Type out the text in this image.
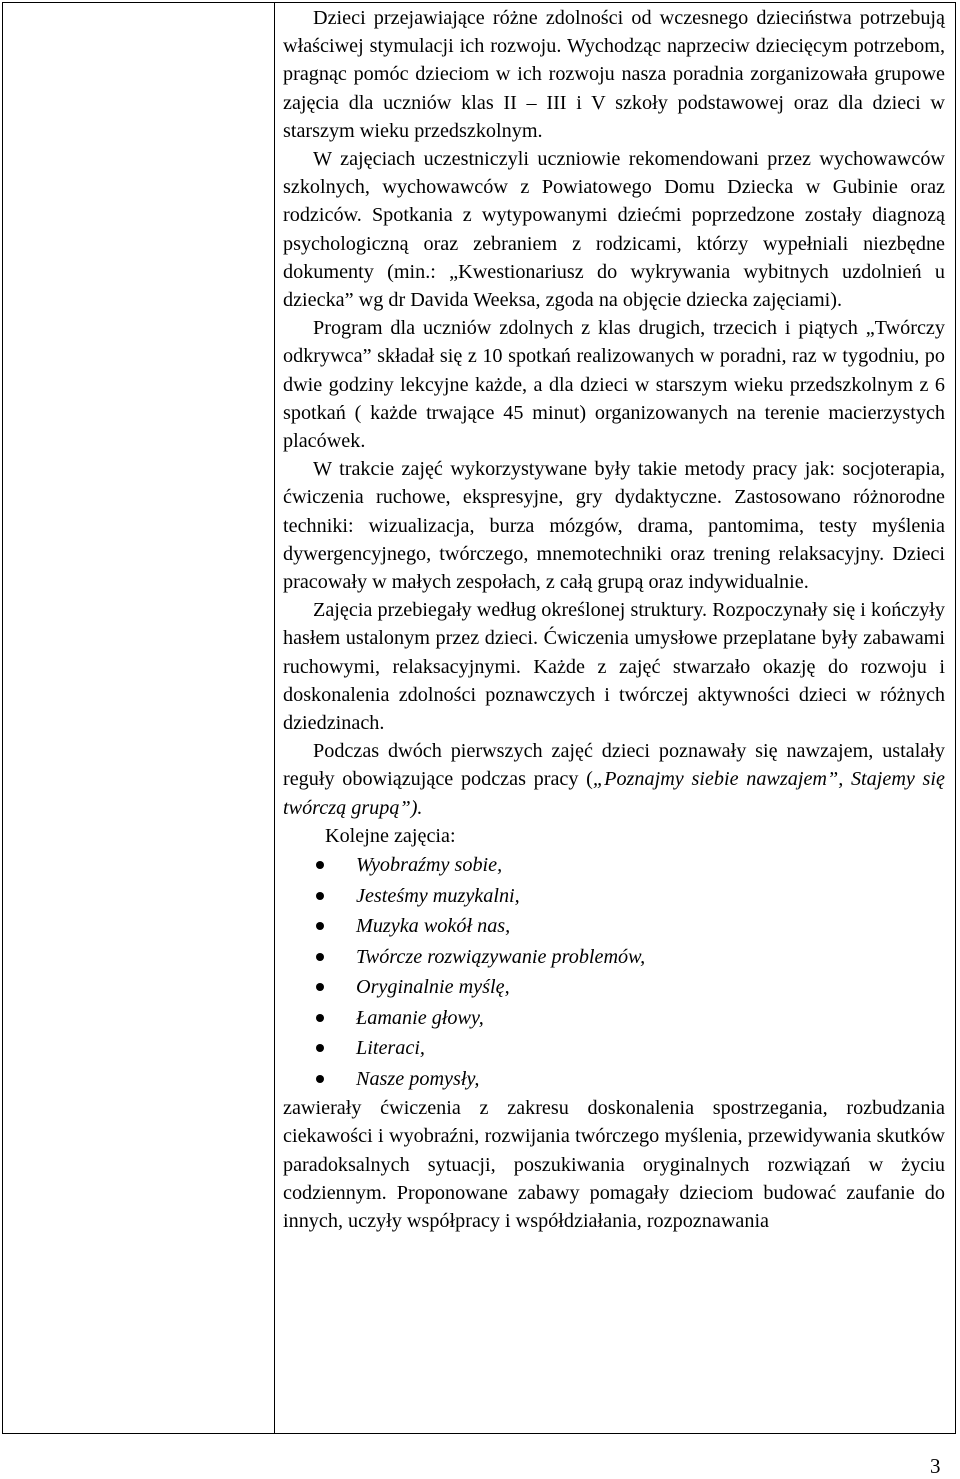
Dzieci przejawiające różne zdolności od wczesnego dzieciństwa potrzebują właściwej stymulacji ich rozwoju. Wychodząc naprzeciw dziecięcym potrzebom, pragnąc pomóc dzieciom w ich rozwoju nasza poradnia zorganizowała grupowe zajęcia dla uczniów klas II – III i V szkoły podstawowej oraz dla dzieci w starszym wieku przedszkolnym.

W zajęciach uczestniczyli uczniowie rekomendowani przez wychowawców szkolnych, wychowawców z Powiatowego Domu Dziecka w Gubinie oraz rodziców. Spotkania z wytypowanymi dziećmi poprzedzone zostały diagnozą psychologiczną oraz zebraniem z rodzicami, którzy wypełniali niezbędne dokumenty (min.: „Kwestionariusz do wykrywania wybitnych uzdolnień u dziecka” wg dr Davida Weeksa, zgoda na objęcie dziecka zajęciami).

Program dla uczniów zdolnych z klas drugich, trzecich i piątych „Twórczy odkrywca” składał się z 10 spotkań realizowanych w poradni, raz w tygodniu, po dwie godziny lekcyjne każde, a dla dzieci w starszym wieku przedszkolnym z 6 spotkań ( każde trwające 45 minut) organizowanych na terenie macierzystych placówek.

W trakcie zajęć wykorzystywane były takie metody pracy jak: socjoterapia, ćwiczenia ruchowe, ekspresyjne, gry dydaktyczne. Zastosowano różnorodne techniki: wizualizacja, burza mózgów, drama, pantomima, testy myślenia dywergencyjnego, twórczego, mnemotechniki oraz trening relaksacyjny. Dzieci pracowały w małych zespołach, z całą grupą oraz indywidualnie.

Zajęcia przebiegały według określonej struktury. Rozpoczynały się i kończyły hasłem ustalonym przez dzieci. Ćwiczenia umysłowe przeplatane były zabawami ruchowymi, relaksacyjnymi. Każde z zajęć stwarzało okazję do rozwoju i doskonalenia zdolności poznawczych i twórczej aktywności dzieci w różnych dziedzinach.

Podczas dwóch pierwszych zajęć dzieci poznawały się nawzajem, ustalały reguły obowiązujące podczas pracy („Poznajmy siebie nawzajem”, Stajemy się twórczą grupą”).

Kolejne zajęcia:

Wyobraźmy sobie,
Jesteśmy muzykalni,
Muzyka wokół nas,
Twórcze rozwiązywanie problemów,
Oryginalnie myślę,
Łamanie głowy,
Literaci,
Nasze pomysły,

zawierały ćwiczenia z zakresu doskonalenia spostrzegania, rozbudzania ciekawości i wyobraźni, rozwijania twórczego myślenia, przewidywania skutków paradoksalnych sytuacji, poszukiwania oryginalnych rozwiązań w życiu codziennym. Proponowane zabawy pomagały dzieciom budować zaufanie do innych, uczyły współpracy i współdziałania, rozpoznawania

3
